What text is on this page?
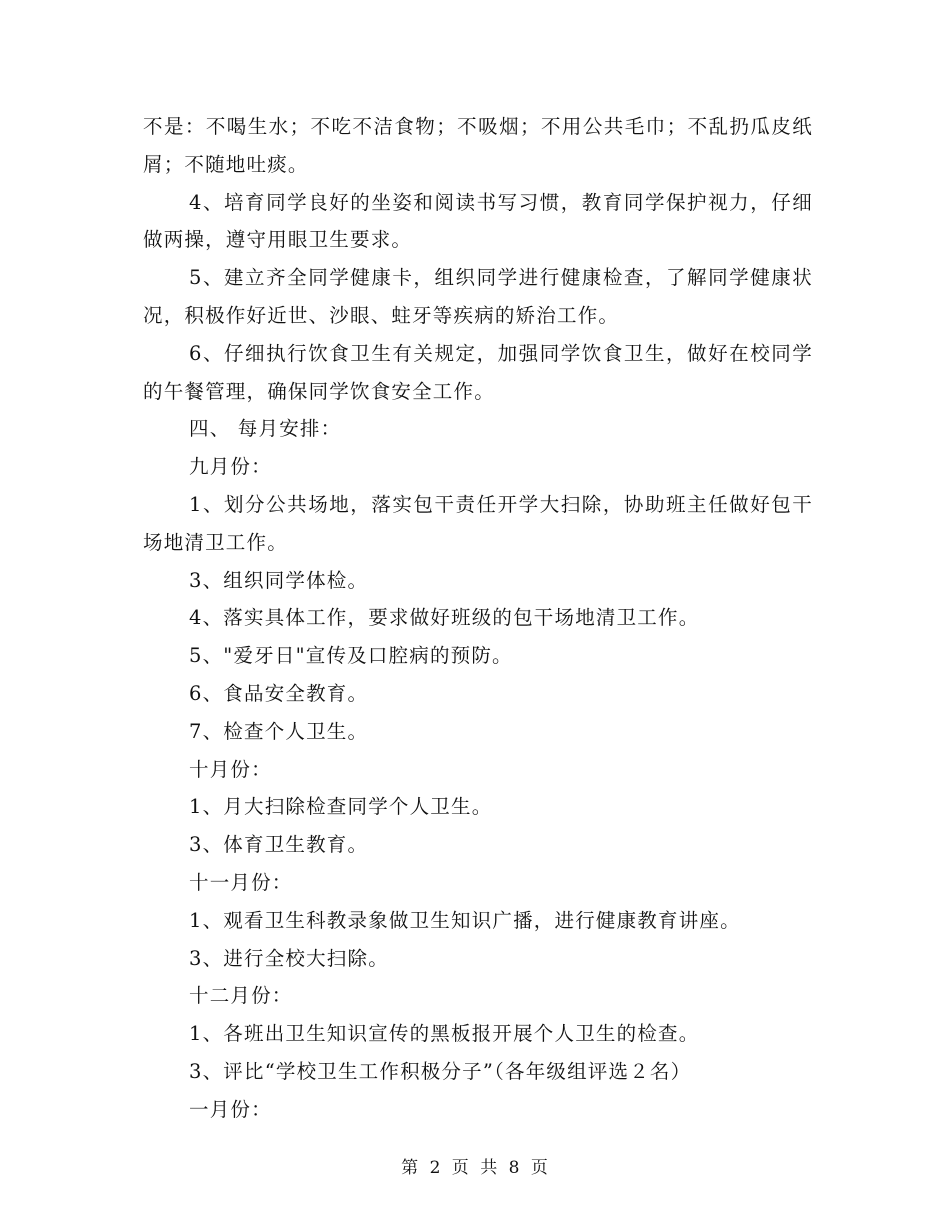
不是：不喝生水；不吃不洁食物；不吸烟；不用公共毛巾；不乱扔瓜皮纸屑；不随地吐痰。

4、培育同学良好的坐姿和阅读书写习惯，教育同学保护视力，仔细做两操，遵守用眼卫生要求。

5、建立齐全同学健康卡，组织同学进行健康检查，了解同学健康状况，积极作好近世、沙眼、蛀牙等疾病的矫治工作。

6、仔细执行饮食卫生有关规定，加强同学饮食卫生，做好在校同学的午餐管理，确保同学饮食安全工作。

四、 每月安排：

九月份：

1、划分公共场地，落实包干责任开学大扫除，协助班主任做好包干场地清卫工作。

3、组织同学体检。

4、落实具体工作，要求做好班级的包干场地清卫工作。

5、"爱牙日"宣传及口腔病的预防。

6、食品安全教育。

7、检查个人卫生。

十月份：

1、月大扫除检查同学个人卫生。

3、体育卫生教育。

十一月份：

1、观看卫生科教录象做卫生知识广播，进行健康教育讲座。

3、进行全校大扫除。

十二月份：

1、各班出卫生知识宣传的黑板报开展个人卫生的检查。

3、评比“学校卫生工作积极分子”（各年级组评选２名）

一月份：

第 2 页 共 8 页
